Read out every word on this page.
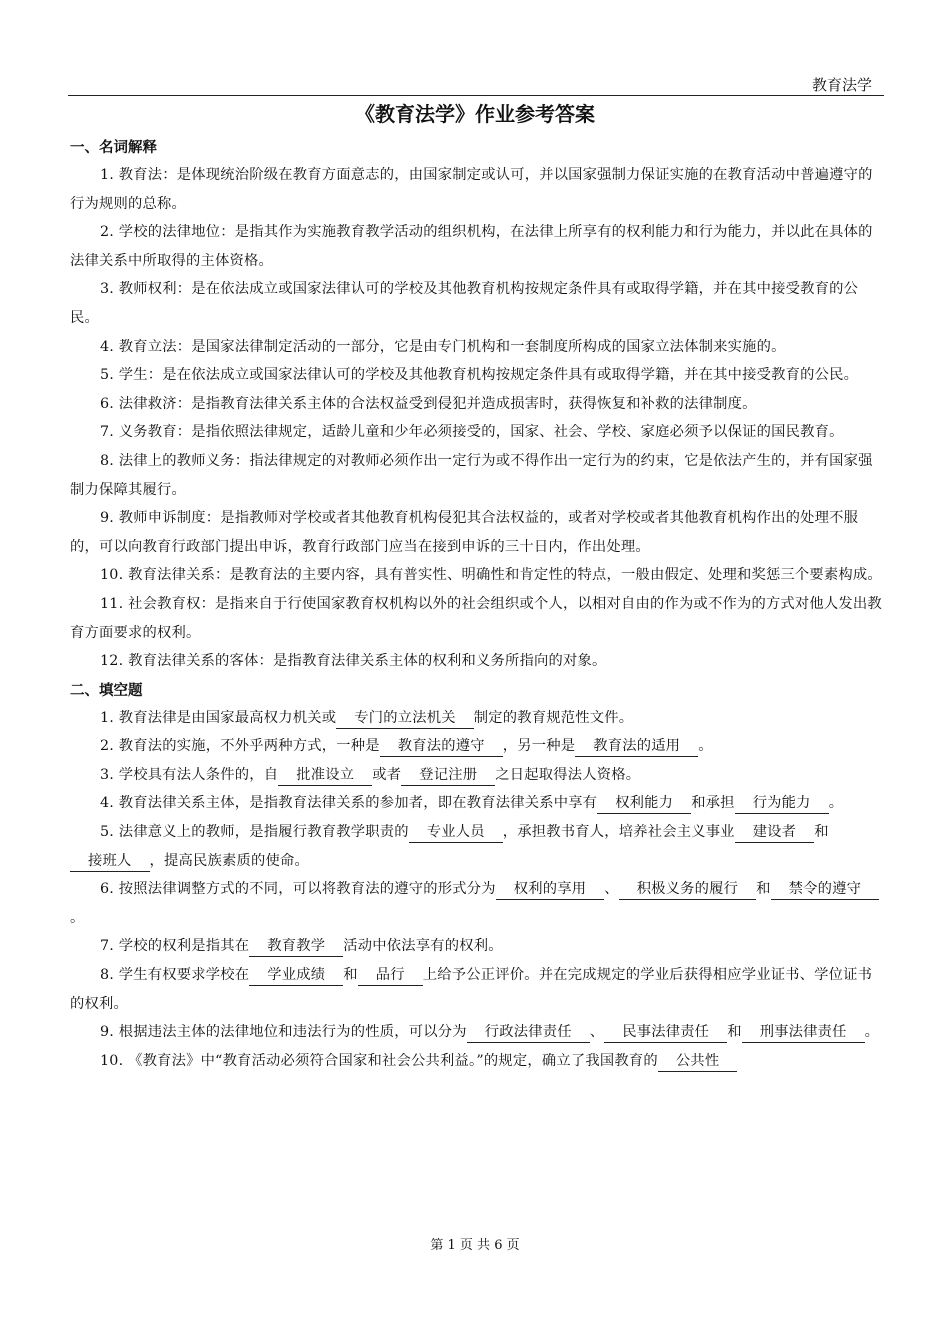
教育法学
《教育法学》作业参考答案
一、名词解释
1. 教育法：是体现统治阶级在教育方面意志的，由国家制定或认可，并以国家强制力保证实施的在教育活动中普遍遵守的行为规则的总称。
2. 学校的法律地位：是指其作为实施教育教学活动的组织机构，在法律上所享有的权利能力和行为能力，并以此在具体的法律关系中所取得的主体资格。
3. 教师权利：是在依法成立或国家法律认可的学校及其他教育机构按规定条件具有或取得学籍，并在其中接受教育的公民。
4. 教育立法：是国家法律制定活动的一部分，它是由专门机构和一套制度所构成的国家立法体制来实施的。
5. 学生：是在依法成立或国家法律认可的学校及其他教育机构按规定条件具有或取得学籍，并在其中接受教育的公民。
6. 法律救济：是指教育法律关系主体的合法权益受到侵犯并造成损害时，获得恢复和补救的法律制度。
7. 义务教育：是指依照法律规定，适龄儿童和少年必须接受的，国家、社会、学校、家庭必须予以保证的国民教育。
8. 法律上的教师义务：指法律规定的对教师必须作出一定行为或不得作出一定行为的约束，它是依法产生的，并有国家强制力保障其履行。
9. 教师申诉制度：是指教师对学校或者其他教育机构侵犯其合法权益的，或者对学校或者其他教育机构作出的处理不服的，可以向教育行政部门提出申诉，教育行政部门应当在接到申诉的三十日内，作出处理。
10. 教育法律关系：是教育法的主要内容，具有普实性、明确性和肯定性的特点，一般由假定、处理和奖惩三个要素构成。
11. 社会教育权：是指来自于行使国家教育权机构以外的社会组织或个人，以相对自由的作为或不作为的方式对他人发出教育方面要求的权利。
12. 教育法律关系的客体：是指教育法律关系主体的权利和义务所指向的对象。
二、填空题
1. 教育法律是由国家最高权力机关或 专门的立法机关 制定的教育规范性文件。
2. 教育法的实施，不外乎两种方式，一种是 教育法的遵守 ，另一种是 教育法的适用 。
3. 学校具有法人条件的，自 批准设立 或者 登记注册 之日起取得法人资格。
4. 教育法律关系主体，是指教育法律关系的参加者，即在教育法律关系中享有 权利能力 和承担 行为能力 。
5. 法律意义上的教师，是指履行教育教学职责的 专业人员 ，承担教书育人，培养社会主义事业 建设者 和接班人 ，提高民族素质的使命。
6. 按照法律调整方式的不同，可以将教育法的遵守的形式分为 权利的享用 、 积极义务的履行 和 禁令的遵守。
7. 学校的权利是指其在 教育教学 活动中依法享有的权利。
8. 学生有权要求学校在 学业成绩 和 品行 上给予公正评价。并在完成规定的学业后获得相应学业证书、学位证书的权利。
9. 根据违法主体的法律地位和违法行为的性质，可以分为 行政法律责任 、 民事法律责任 和 刑事法律责任 。
10. 《教育法》中“教育活动必须符合国家和社会公共利益。”的规定，确立了我国教育的 公共性
第 1 页 共 6 页
